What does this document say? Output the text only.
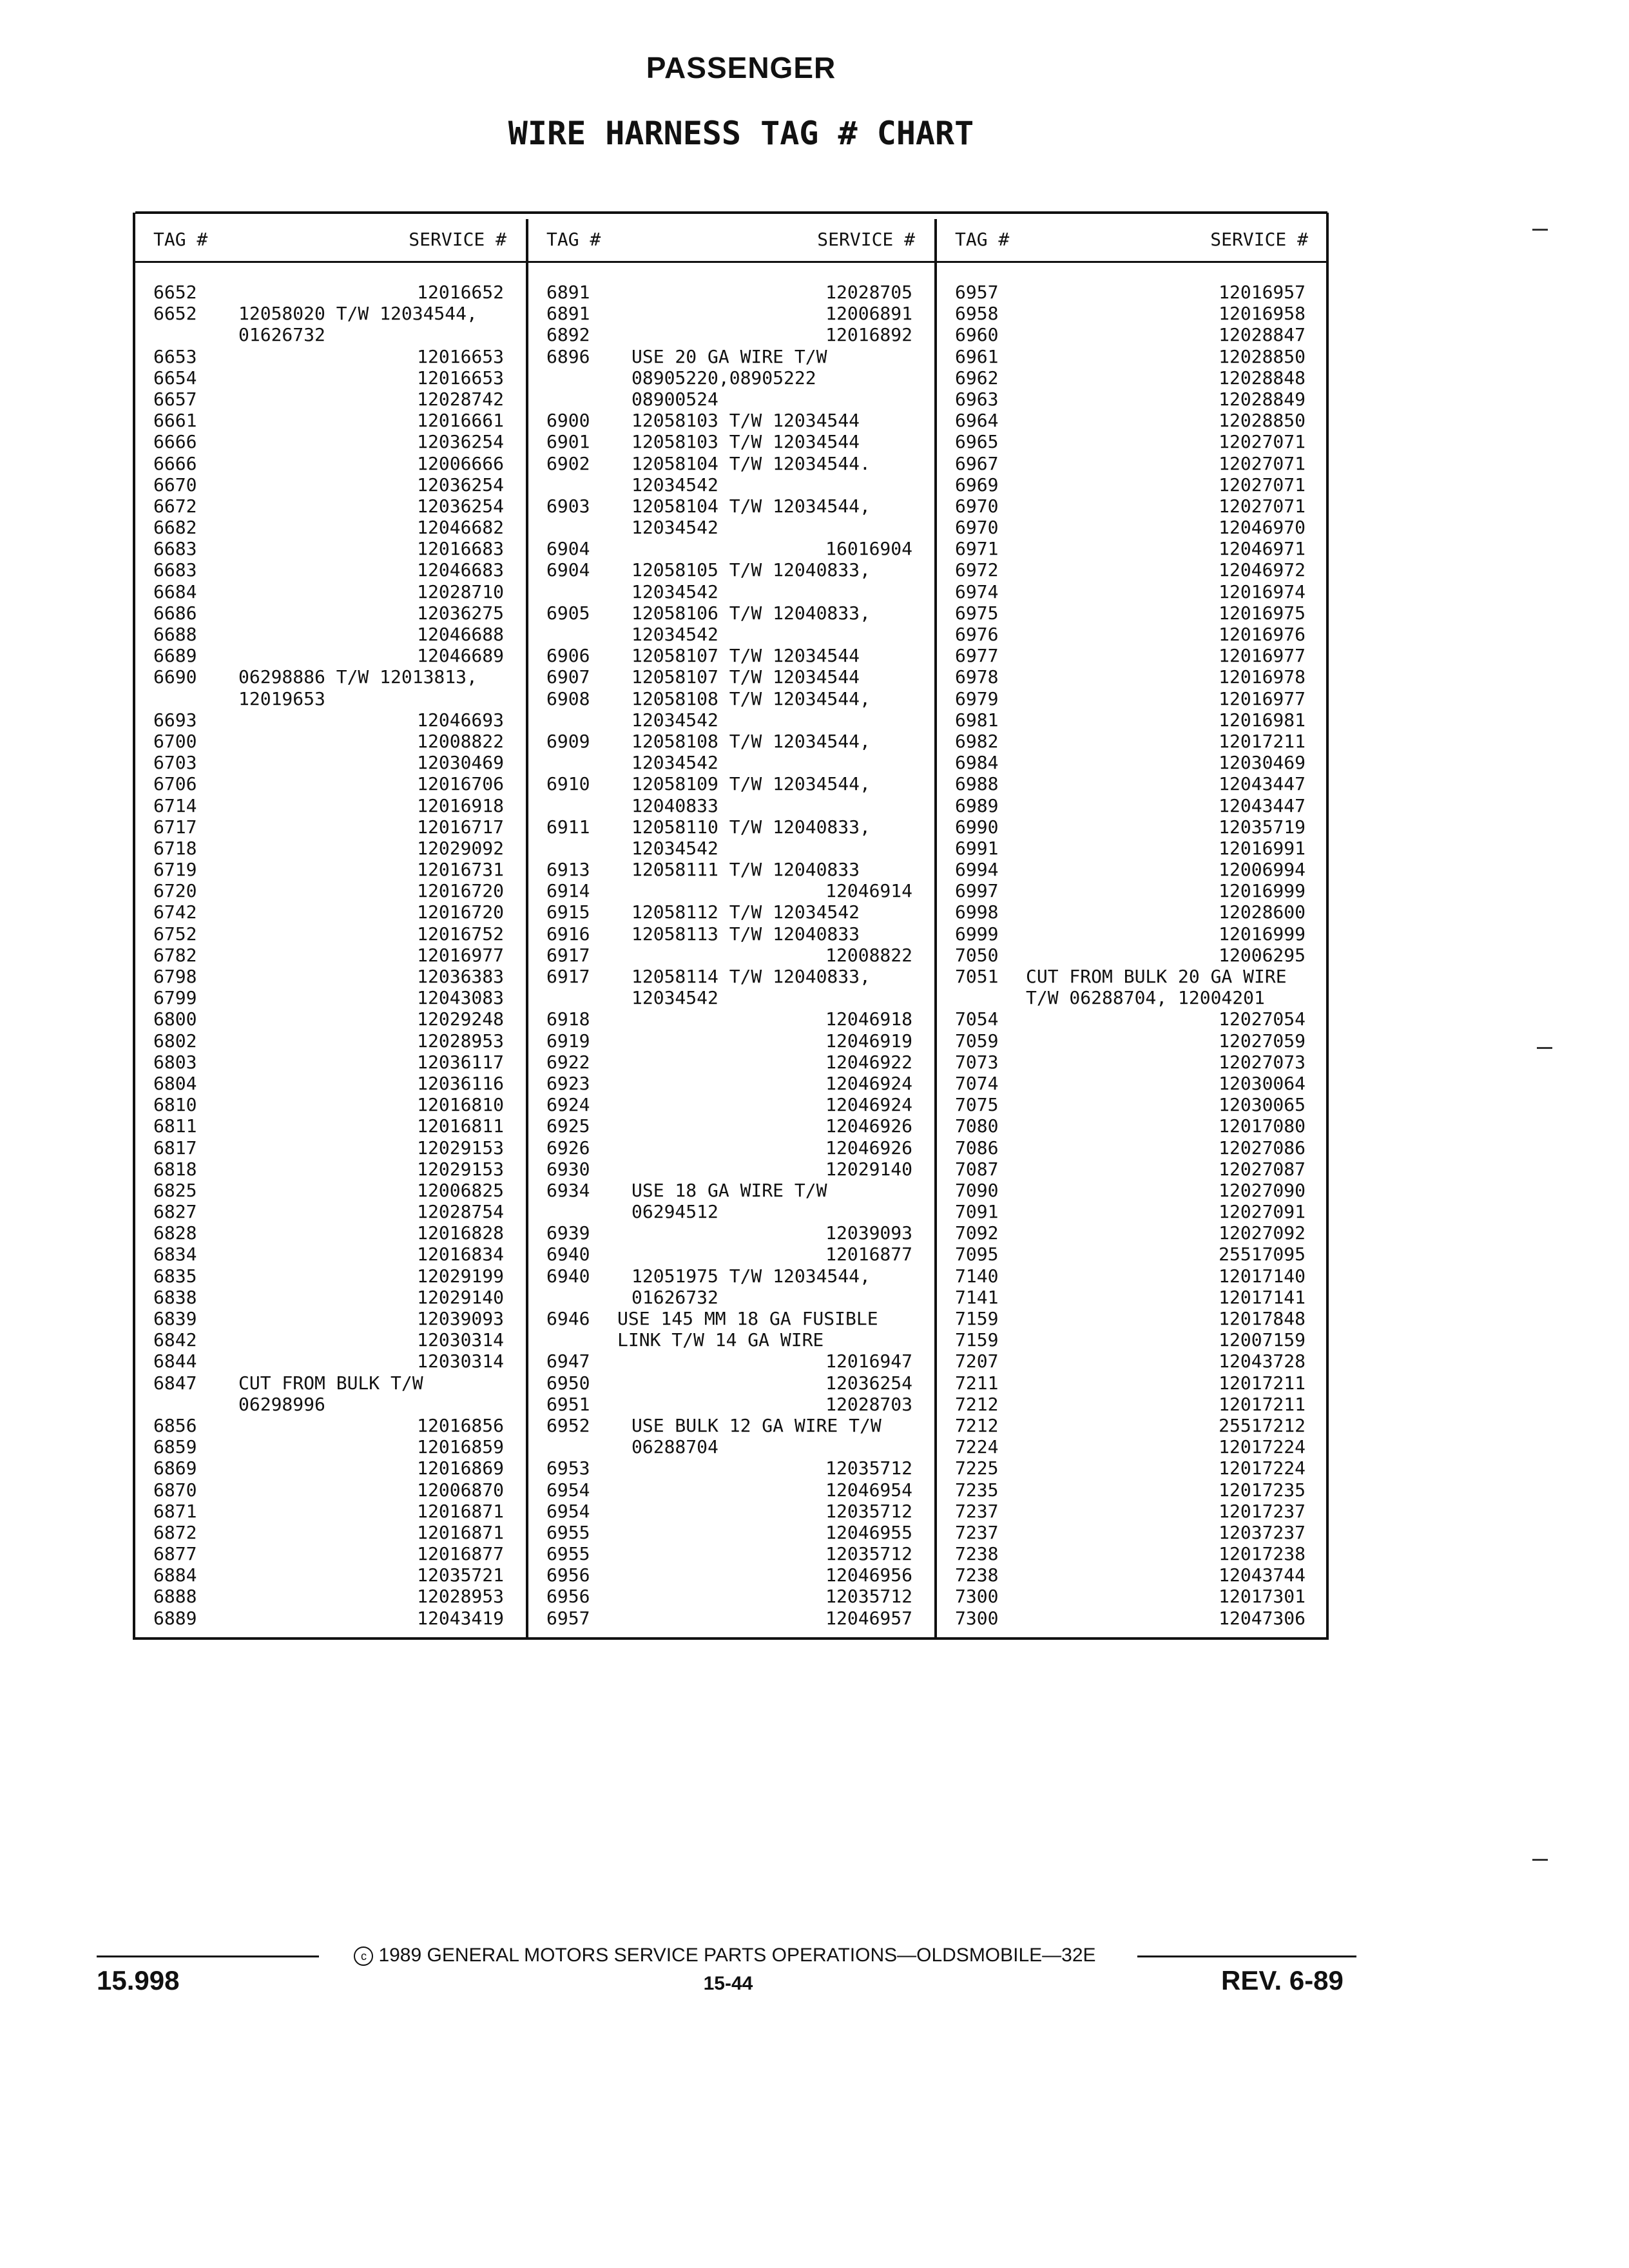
PASSENGER
WIRE HARNESS TAG # CHART
TAG #	SERVICE #
6652	12016652
6652 12058020 T/W 12034544,
01626732
6653	12016653
6654	12016653
6657	12028742
6661	12016661
6666	12036254
6666	12006666
6670	12036254
6672	12036254
6682	12046682
6683	12016683
6683	12046683
6684	12028710
6686	12036275
6688	12046688
6689	12046689
6690 06298886 T/W 12013813,
12019653
6693	12046693
6700	12008822
6703	12030469
6706	12016706
6714	12016918
6717	12016717
6718	12029092
6719	12016731
6720	12016720
6742	12016720
6752	12016752
6782	12016977
6798	12036383
6799	12043083
6800	12029248
6802	12028953
6803	12036117
6804	12036116
6810	12016810
6811	12016811
6817	12029153
6818	12029153
6825	12006825
6827	12028754
6828	12016828
6834	12016834
6835	12029199
6838	12029140
6839	12039093
6842	12030314
6844	12030314
6847 CUT FROM BULK T/W
06298996
6856	12016856
6859	12016859
6869	12016869
6870	12006870
6871	12016871
6872	12016871
6877	12016877
6884	12035721
6888	12028953
6889	12043419
TAG #	SERVICE #
6891	12028705
6891	12006891
6892	12016892
6896 USE 20 GA WIRE T/W
08905220,08905222
08900524
6900 12058103 T/W 12034544
6901 12058103 T/W 12034544
6902 12058104 T/W 12034544.
12034542
6903 12058104 T/W 12034544,
12034542
6904	16016904
6904 12058105 T/W 12040833,
12034542
6905 12058106 T/W 12040833,
12034542
6906 12058107 T/W 12034544
6907 12058107 T/W 12034544
6908 12058108 T/W 12034544,
12034542
6909 12058108 T/W 12034544,
12034542
6910 12058109 T/W 12034544,
12040833
6911 12058110 T/W 12040833,
12034542
6913 12058111 T/W 12040833
6914	12046914
6915 12058112 T/W 12034542
6916 12058113 T/W 12040833
6917	12008822
6917 12058114 T/W 12040833,
12034542
6918	12046918
6919	12046919
6922	12046922
6923	12046924
6924	12046924
6925	12046926
6926	12046926
6930	12029140
6934 USE 18 GA WIRE T/W
06294512
6939	12039093
6940	12016877
6940 12051975 T/W 12034544,
01626732
6946 USE 145 MM 18 GA FUSIBLE
LINK T/W 14 GA WIRE
6947	12016947
6950	12036254
6951	12028703
6952 USE BULK 12 GA WIRE T/W
06288704
6953	12035712
6954	12046954
6954	12035712
6955	12046955
6955	12035712
6956	12046956
6956	12035712
6957	12046957
TAG #	SERVICE #
6957	12016957
6958	12016958
6960	12028847
6961	12028850
6962	12028848
6963	12028849
6964	12028850
6965	12027071
6967	12027071
6969	12027071
6970	12027071
6970	12046970
6971	12046971
6972	12046972
6974	12016974
6975	12016975
6976	12016976
6977	12016977
6978	12016978
6979	12016977
6981	12016981
6982	12017211
6984	12030469
6988	12043447
6989	12043447
6990	12035719
6991	12016991
6994	12006994
6997	12016999
6998	12028600
6999	12016999
7050	12006295
7051 CUT FROM BULK 20 GA WIRE
T/W 06288704, 12004201
7054	12027054
7059	12027059
7073	12027073
7074	12030064
7075	12030065
7080	12017080
7086	12027086
7087	12027087
7090	12027090
7091	12027091
7092	12027092
7095	25517095
7140	12017140
7141	12017141
7159	12017848
7159	12007159
7207	12043728
7211	12017211
7212	12017211
7212	25517212
7224	12017224
7225	12017224
7235	12017235
7237	12017237
7237	12037237
7238	12017238
7238	12043744
7300	12017301
7300	12047306
15.998
c 1989 GENERAL MOTORS SERVICE PARTS OPERATIONS—OLDSMOBILE—32E
15-44	REV. 6-89
